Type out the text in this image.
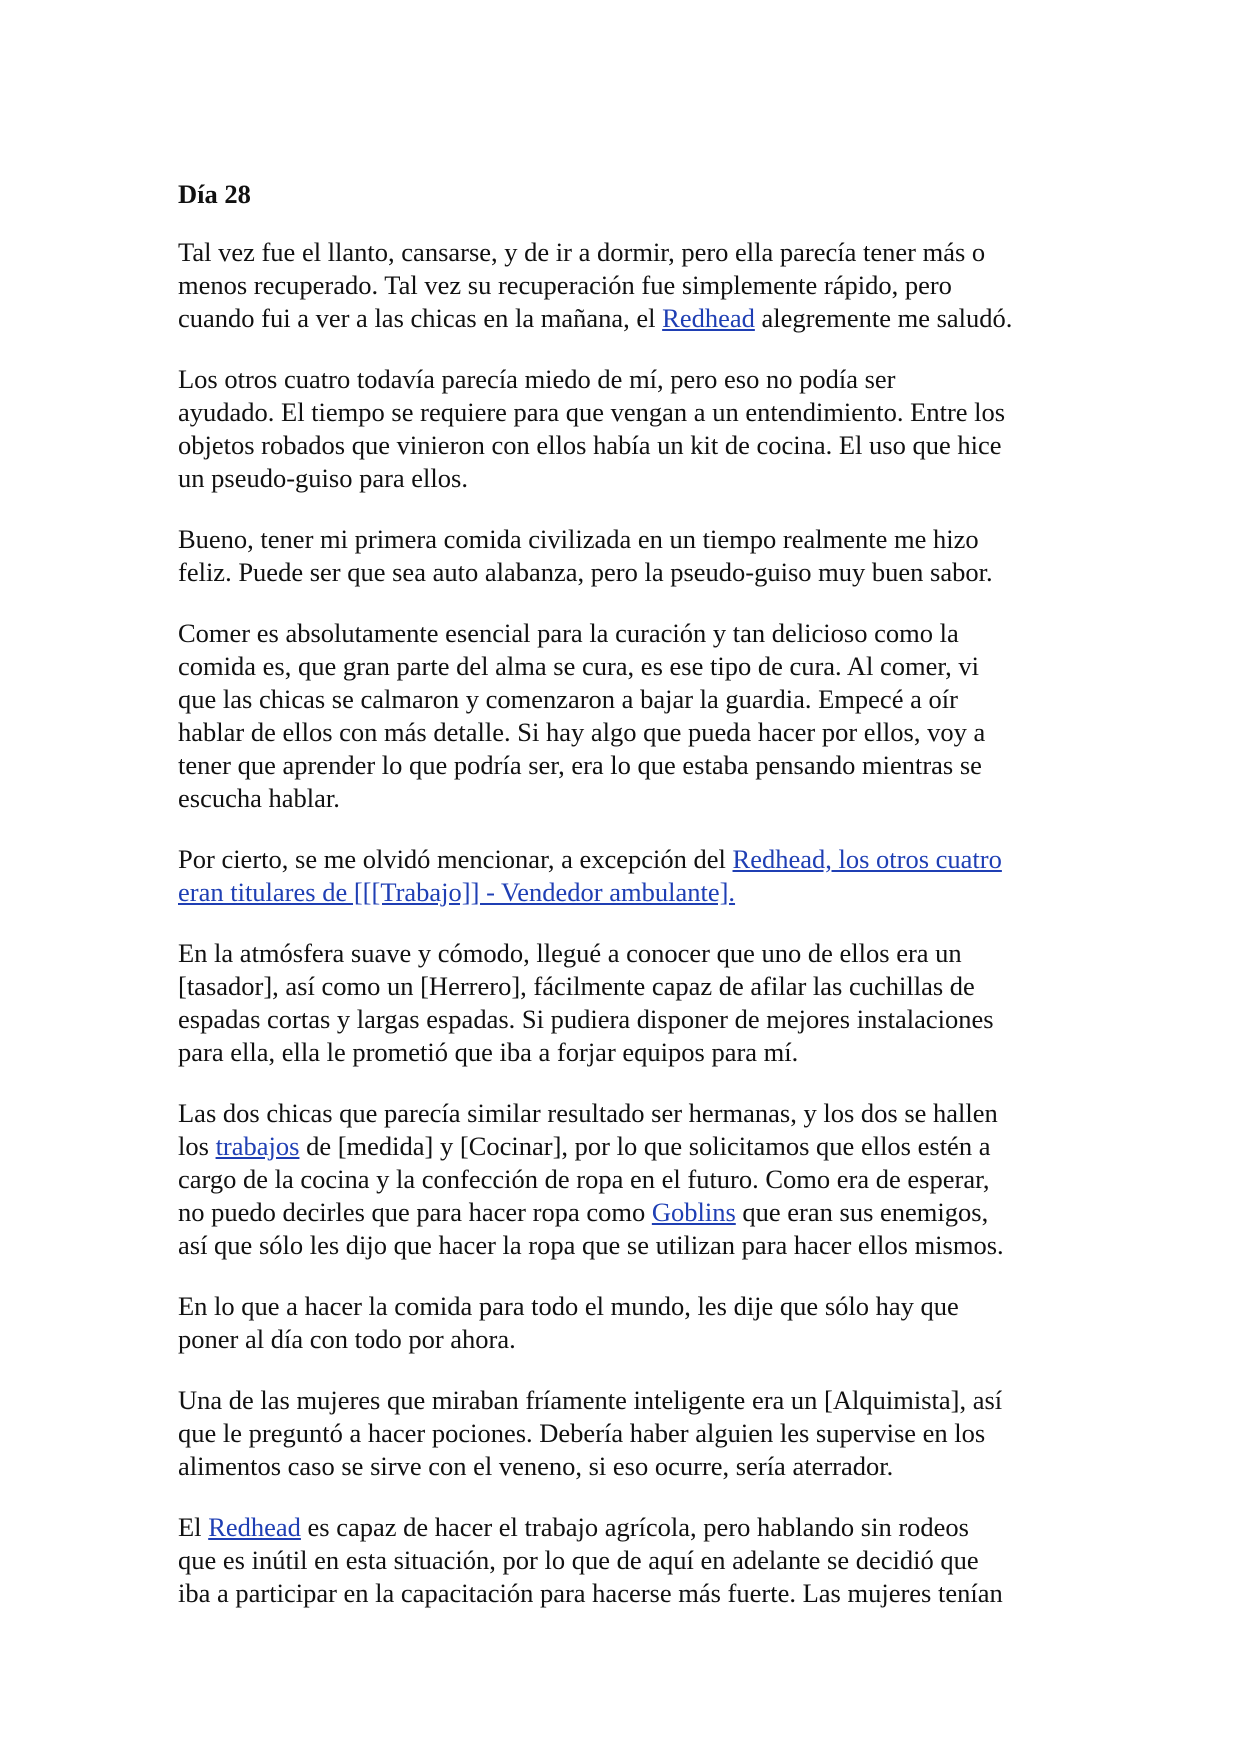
Día 28
Tal vez fue el llanto, cansarse, y de ir a dormir, pero ella parecía tener más o
menos recuperado. Tal vez su recuperación fue simplemente rápido, pero
cuando fui a ver a las chicas en la mañana, el Redhead alegremente me saludó.
Los otros cuatro todavía parecía miedo de mí, pero eso no podía ser
ayudado. El tiempo se requiere para que vengan a un entendimiento. Entre los
objetos robados que vinieron con ellos había un kit de cocina. El uso que hice
un pseudo-guiso para ellos.
Bueno, tener mi primera comida civilizada en un tiempo realmente me hizo
feliz. Puede ser que sea auto alabanza, pero la pseudo-guiso muy buen sabor.
Comer es absolutamente esencial para la curación y tan delicioso como la
comida es, que gran parte del alma se cura, es ese tipo de cura. Al comer, vi
que las chicas se calmaron y comenzaron a bajar la guardia. Empecé a oír
hablar de ellos con más detalle. Si hay algo que pueda hacer por ellos, voy a
tener que aprender lo que podría ser, era lo que estaba pensando mientras se
escucha hablar.
Por cierto, se me olvidó mencionar, a excepción del Redhead, los otros cuatro
eran titulares de [[[Trabajo]] - Vendedor ambulante].
En la atmósfera suave y cómodo, llegué a conocer que uno de ellos era un
[tasador], así como un [Herrero], fácilmente capaz de afilar las cuchillas de
espadas cortas y largas espadas. Si pudiera disponer de mejores instalaciones
para ella, ella le prometió que iba a forjar equipos para mí.
Las dos chicas que parecía similar resultado ser hermanas, y los dos se hallen
los trabajos de [medida] y [Cocinar], por lo que solicitamos que ellos estén a
cargo de la cocina y la confección de ropa en el futuro. Como era de esperar,
no puedo decirles que para hacer ropa como Goblins que eran sus enemigos,
así que sólo les dijo que hacer la ropa que se utilizan para hacer ellos mismos.
En lo que a hacer la comida para todo el mundo, les dije que sólo hay que
poner al día con todo por ahora.
Una de las mujeres que miraban fríamente inteligente era un [Alquimista], así
que le preguntó a hacer pociones. Debería haber alguien les supervise en los
alimentos caso se sirve con el veneno, si eso ocurre, sería aterrador.
El Redhead es capaz de hacer el trabajo agrícola, pero hablando sin rodeos
que es inútil en esta situación, por lo que de aquí en adelante se decidió que
iba a participar en la capacitación para hacerse más fuerte. Las mujeres tenían
